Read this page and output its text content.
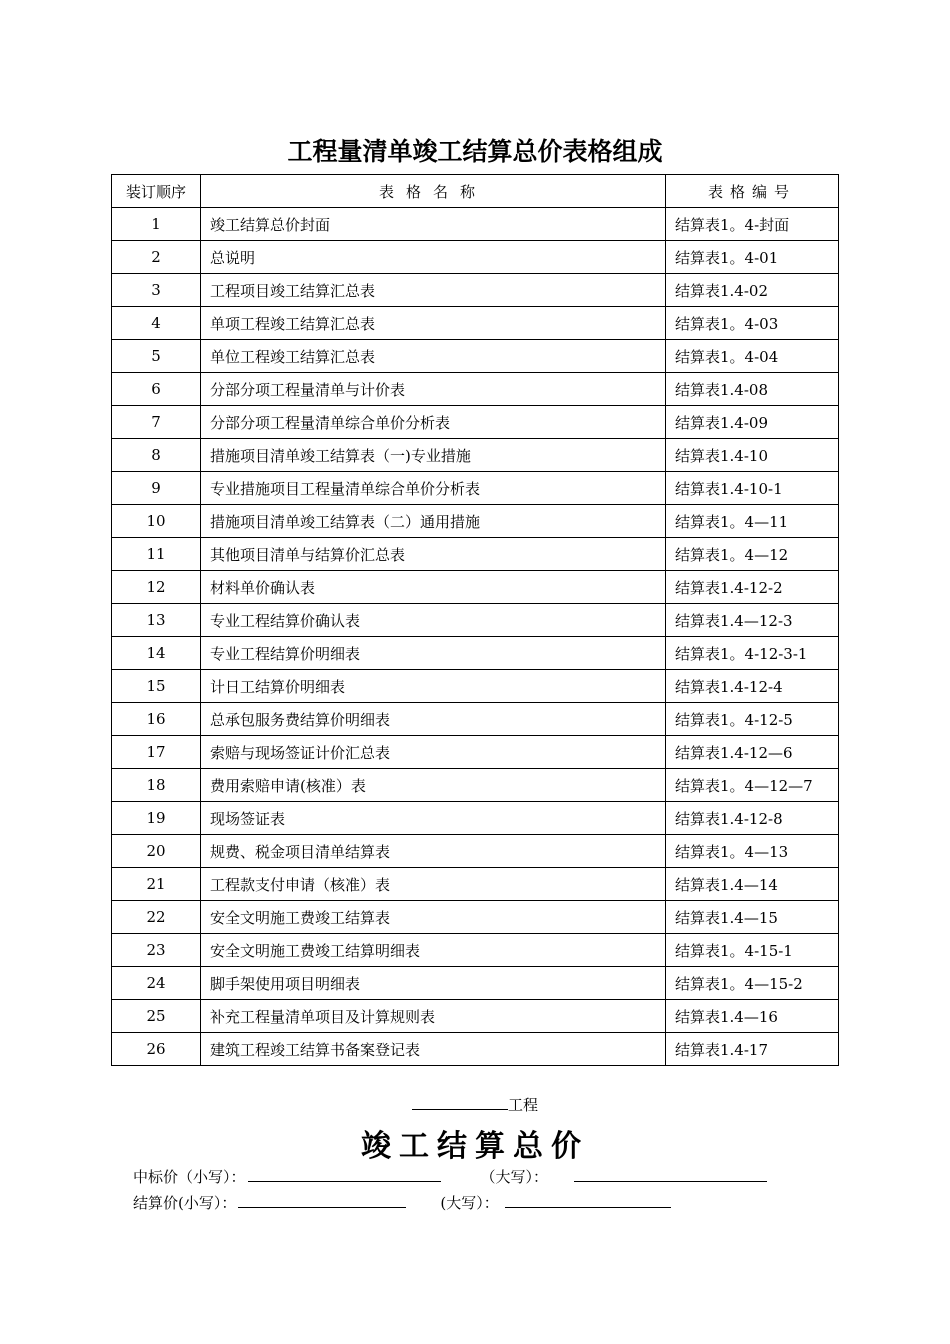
工程量清单竣工结算总价表格组成
装订顺序	表格名称	表格编号
1	竣工结算总价封面	结算表1。4-封面
2	总说明	结算表1。4-01
3	工程项目竣工结算汇总表	结算表1.4-02
4	单项工程竣工结算汇总表	结算表1。4-03
5	单位工程竣工结算汇总表	结算表1。4-04
6	分部分项工程量清单与计价表	结算表1.4-08
7	分部分项工程量清单综合单价分析表	结算表1.4-09
8	措施项目清单竣工结算表（一)专业措施	结算表1.4-10
9	专业措施项目工程量清单综合单价分析表	结算表1.4-10-1
10	措施项目清单竣工结算表（二）通用措施	结算表1。4—11
11	其他项目清单与结算价汇总表	结算表1。4—12
12	材料单价确认表	结算表1.4-12-2
13	专业工程结算价确认表	结算表1.4—12-3
14	专业工程结算价明细表	结算表1。4-12-3-1
15	计日工结算价明细表	结算表1.4-12-4
16	总承包服务费结算价明细表	结算表1。4-12-5
17	索赔与现场签证计价汇总表	结算表1.4-12—6
18	费用索赔申请(核准）表	结算表1。4—12—7
19	现场签证表	结算表1.4-12-8
20	规费、税金项目清单结算表	结算表1。4—13
21	工程款支付申请（核准）表	结算表1.4—14
22	安全文明施工费竣工结算表	结算表1.4—15
23	安全文明施工费竣工结算明细表	结算表1。4-15-1
24	脚手架使用项目明细表	结算表1。4—15-2
25	补充工程量清单项目及计算规则表	结算表1.4—16
26	建筑工程竣工结算书备案登记表	结算表1.4-17
工程
竣工结算总价
中标价（小写）：	（大写）：
结算价(小写）：	(大写）：
